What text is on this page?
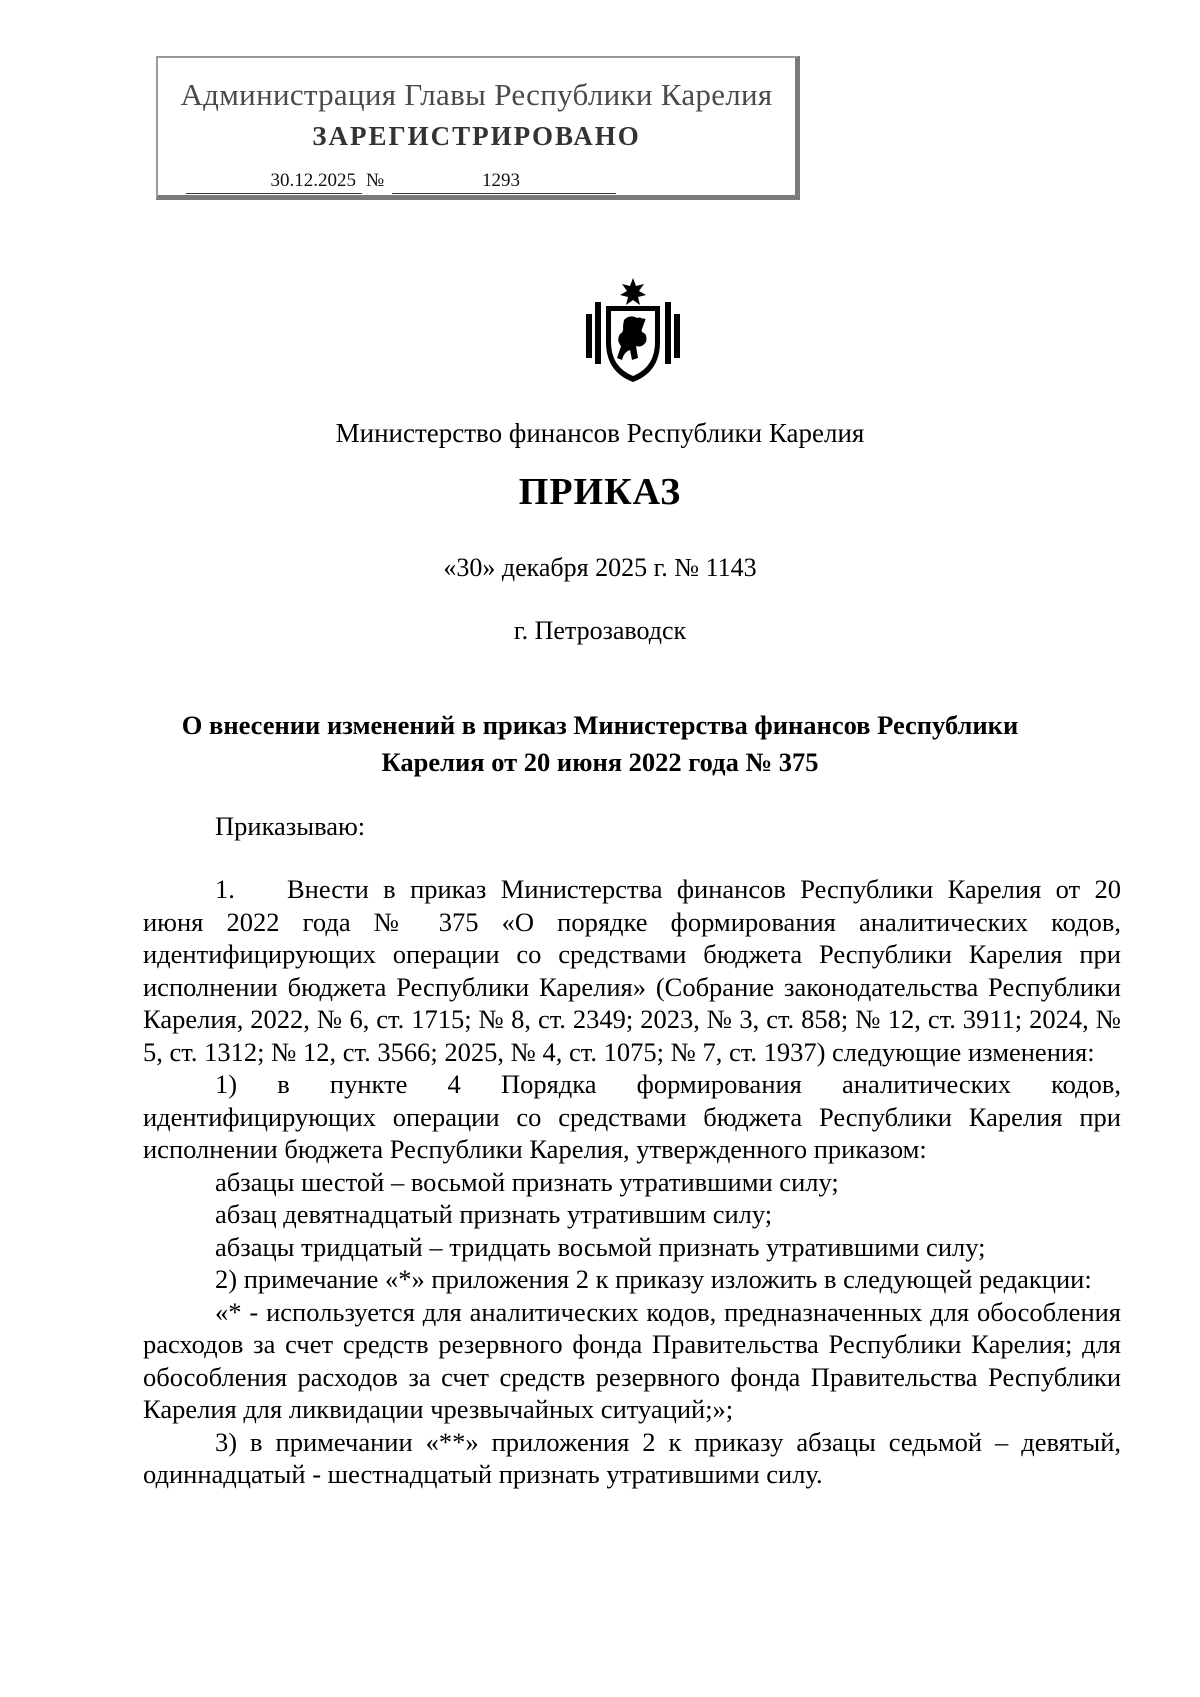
Администрация Главы Республики Карелия
ЗАРЕГИСТРИРОВАНО
30.12.2025 №	1293
Министерство финансов Республики Карелия
ПРИКАЗ
«30» декабря 2025 г. № 1143
г. Петрозаводск
О внесении изменений в приказ Министерства финансов Республики
Карелия от 20 июня 2022 года № 375
Приказываю:

1. Внести в приказ Министерства финансов Республики Карелия от 20 июня 2022 года № 375 «О порядке формирования аналитических кодов, идентифицирующих операции со средствами бюджета Республики Карелия при исполнении бюджета Республики Карелия» (Собрание законодательства Республики Карелия, 2022, № 6, ст. 1715; № 8, ст. 2349; 2023, № 3, ст. 858; № 12, ст. 3911; 2024, № 5, ст. 1312; № 12, ст. 3566; 2025, № 4, ст. 1075; № 7, ст. 1937) следующие изменения:

1) в пункте 4 Порядка формирования аналитических кодов, идентифицирующих операции со средствами бюджета Республики Карелия при исполнении бюджета Республики Карелия, утвержденного приказом:

абзацы шестой – восьмой признать утратившими силу;

абзац девятнадцатый признать утратившим силу;

абзацы тридцатый – тридцать восьмой признать утратившими силу;

2) примечание «*» приложения 2 к приказу изложить в следующей редакции:

«* - используется для аналитических кодов, предназначенных для обособления расходов за счет средств резервного фонда Правительства Республики Карелия; для обособления расходов за счет средств резервного фонда Правительства Республики Карелия для ликвидации чрезвычайных ситуаций;»;

3) в примечании «**» приложения 2 к приказу абзацы седьмой – девятый, одиннадцатый - шестнадцатый признать утратившими силу.
